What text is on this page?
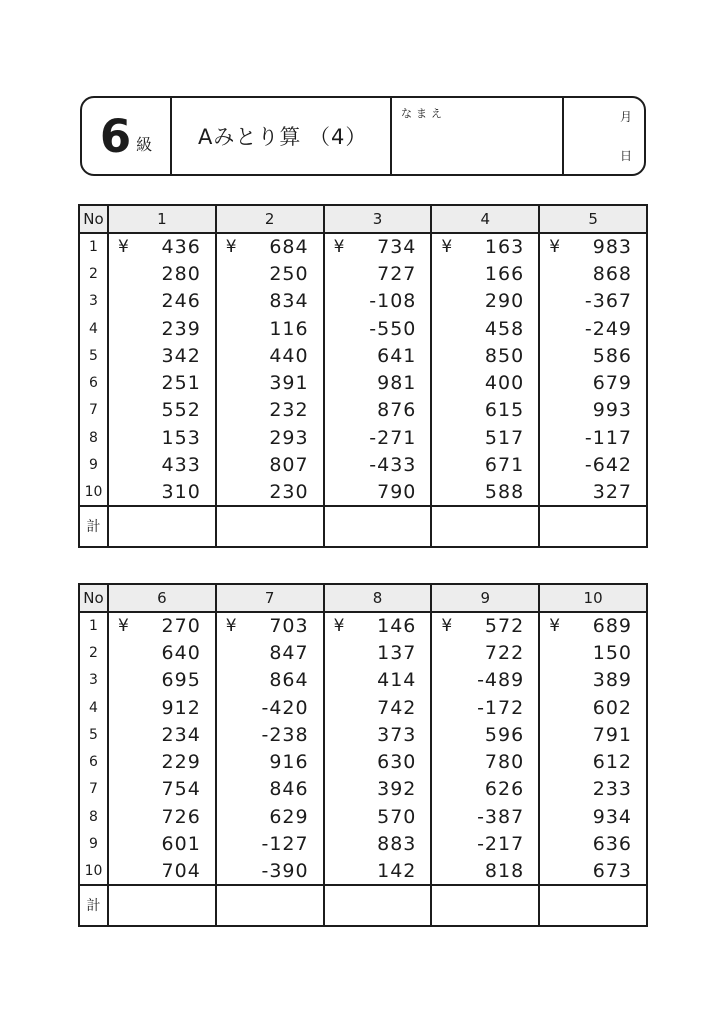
6 級 Aみとり算 （4）
なまえ	月
日
No	1	2	3	4	5
1	¥ 436	¥ 684	¥ 734	¥ 163	¥ 983

2	280	250	727	166	868

3	246	834	-108	290	-367

4	239	116	-550	458	-249

5	342	440	641	850	586

6	251	391	981	400	679

7	552	232	876	615	993

8	153	293	-271	517	-117

9	433	807	-433	671	-642

10	310	230	790	588	327

計					
No	6	7	8	9	10
1	¥ 270	¥ 703	¥ 146	¥ 572	¥ 689

2	640	847	137	722	150

3	695	864	414	-489	389

4	912	-420	742	-172	602

5	234	-238	373	596	791

6	229	916	630	780	612

7	754	846	392	626	233

8	726	629	570	-387	934

9	601	-127	883	-217	636

10	704	-390	142	818	673

計					
